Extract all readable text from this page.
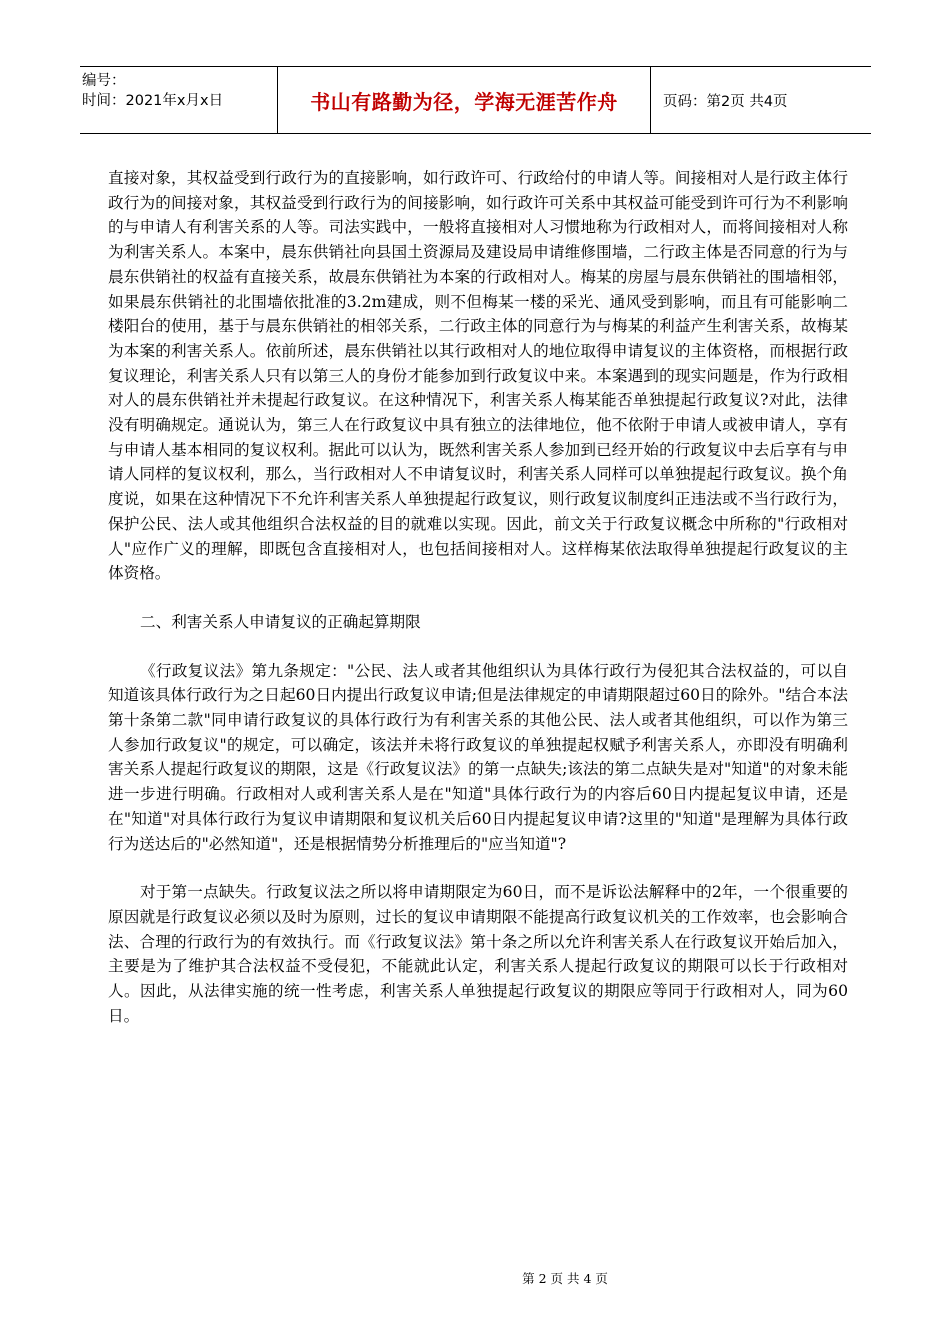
编号：
时间：2021年x月x日	书山有路勤为径，学海无涯苦作舟	页码：第2页 共4页

直接对象，其权益受到行政行为的直接影响，如行政许可、行政给付的申请人等。间接相对人是行政主体行政行为的间接对象，其权益受到行政行为的间接影响，如行政许可关系中其权益可能受到许可行为不利影响的与申请人有利害关系的人等。司法实践中，一般将直接相对人习惯地称为行政相对人，而将间接相对人称为利害关系人。本案中，晨东供销社向县国土资源局及建设局申请维修围墙，二行政主体是否同意的行为与晨东供销社的权益有直接关系，故晨东供销社为本案的行政相对人。梅某的房屋与晨东供销社的围墙相邻，如果晨东供销社的北围墙依批准的3.2m建成，则不但梅某一楼的采光、通风受到影响，而且有可能影响二楼阳台的使用，基于与晨东供销社的相邻关系，二行政主体的同意行为与梅某的利益产生利害关系，故梅某为本案的利害关系人。依前所述，晨东供销社以其行政相对人的地位取得申请复议的主体资格，而根据行政复议理论，利害关系人只有以第三人的身份才能参加到行政复议中来。本案遇到的现实问题是，作为行政相对人的晨东供销社并未提起行政复议。在这种情况下，利害关系人梅某能否单独提起行政复议?对此，法律没有明确规定。通说认为，第三人在行政复议中具有独立的法律地位，他不依附于申请人或被申请人，享有与申请人基本相同的复议权利。据此可以认为，既然利害关系人参加到已经开始的行政复议中去后享有与申请人同样的复议权利，那么，当行政相对人不申请复议时，利害关系人同样可以单独提起行政复议。换个角度说，如果在这种情况下不允许利害关系人单独提起行政复议，则行政复议制度纠正违法或不当行政行为，保护公民、法人或其他组织合法权益的目的就难以实现。因此，前文关于行政复议概念中所称的"行政相对人"应作广义的理解，即既包含直接相对人，也包括间接相对人。这样梅某依法取得单独提起行政复议的主体资格。

二、利害关系人申请复议的正确起算期限

《行政复议法》第九条规定："公民、法人或者其他组织认为具体行政行为侵犯其合法权益的，可以自知道该具体行政行为之日起60日内提出行政复议申请;但是法律规定的申请期限超过60日的除外。"结合本法第十条第二款"同申请行政复议的具体行政行为有利害关系的其他公民、法人或者其他组织，可以作为第三人参加行政复议"的规定，可以确定，该法并未将行政复议的单独提起权赋予利害关系人，亦即没有明确利害关系人提起行政复议的期限，这是《行政复议法》的第一点缺失;该法的第二点缺失是对"知道"的对象未能进一步进行明确。行政相对人或利害关系人是在"知道"具体行政行为的内容后60日内提起复议申请，还是在"知道"对具体行政行为复议申请期限和复议机关后60日内提起复议申请?这里的"知道"是理解为具体行政行为送达后的"必然知道"，还是根据情势分析推理后的"应当知道"?

对于第一点缺失。行政复议法之所以将申请期限定为60日，而不是诉讼法解释中的2年，一个很重要的原因就是行政复议必须以及时为原则，过长的复议申请期限不能提高行政复议机关的工作效率，也会影响合法、合理的行政行为的有效执行。而《行政复议法》第十条之所以允许利害关系人在行政复议开始后加入，主要是为了维护其合法权益不受侵犯，不能就此认定，利害关系人提起行政复议的期限可以长于行政相对人。因此，从法律实施的统一性考虑，利害关系人单独提起行政复议的期限应等同于行政相对人，同为60日。

第 2 页 共 4 页
